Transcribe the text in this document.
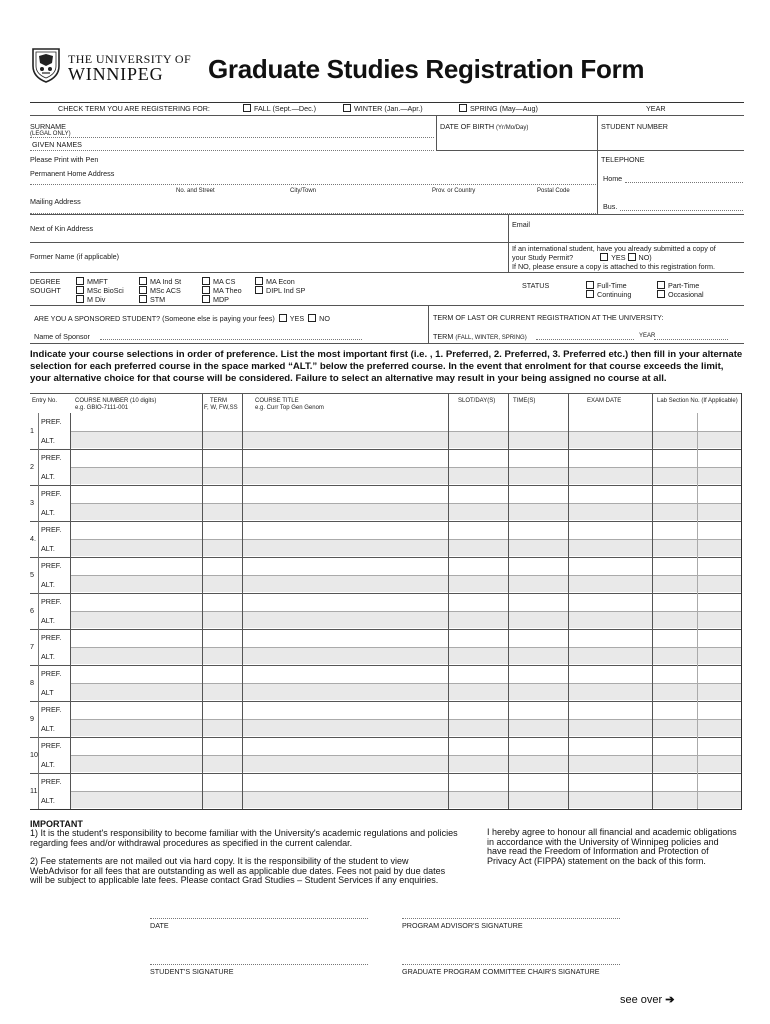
THE UNIVERSITY OF
WINNIPEG Graduate Studies Registration Form
CHECK TERM YOU ARE REGISTERING FOR:	FALL (Sept.—Dec.)	WINTER (Jan.—Apr.)	SPRING (May—Aug)	YEAR
SURNAME
(LEGAL ONLY)
GIVEN NAMES
DATE OF BIRTH (Yr/Mo/Day)	STUDENT NUMBER
Please Print with Pen
Permanent Home Address
No. and Street	City/Town	Prov. or Country	Postal Code
Mailing Address
TELEPHONE
Home
Bus.
Email
Next of Kin Address
Former Name (if applicable)
If an international student, have you already submitted a copy of
your Study Permit?	YES NO)
If NO, please ensure a copy is attached to this registration form.
DEGREE
SOUGHT
MMFT
MSc BioSci
M Div
MA Ind St
MSc ACS
STM
MA CS
MA Theo
MDP
MA Econ
DIPL Ind SP
STATUS	Full-Time
Continuing
Part-Time
Occasional
ARE YOU A SPONSORED STUDENT? (Someone else is paying your fees) YES NO
Name of Sponsor
TERM OF LAST OR CURRENT REGISTRATION AT THE UNIVERSITY:
TERM (FALL, WINTER, SPRING)	YEAR
Indicate your course selections in order of preference. List the most important first (i.e. , 1. Preferred, 2. Preferred, 3. Preferred etc.) then fill in your alternate selection for each preferred course in the space marked “ALT.” below the preferred course. In the event that enrolment for that course exceeds the limit, your alternative choice for that course will be considered. Failure to select an alternative may result in your being assigned no course at all.
Entry No.	COURSE NUMBER (10 digits)
e.g. GBIO-7111-001
TERM
F, W, FW,SS
COURSE TITLE
e.g. Curr Top Gen Genom
SLOT/DAY(S)	TIME(S)	EXAM DATE	Lab Section No. (If Applicable)
1
PREF.
ALT.
2
PREF.
ALT.
3
PREF.
ALT.
4.
PREF.
ALT.
5
PREF.
ALT.
6
PREF.
ALT.
7
PREF.
ALT.
8
PREF.
ALT
9
PREF.
ALT.
10
PREF.
ALT.
11
PREF.
ALT.
IMPORTANT
1) It is the student's responsibility to become familiar with the University's academic regulations and policies regarding fees and/or withdrawal procedures as specified in the current calendar.
2) Fee statements are not mailed out via hard copy. It is the responsibility of the student to view WebAdvisor for all fees that are outstanding as well as applicable due dates. Fees not paid by due dates will be subject to applicable late fees. Please contact Grad Studies – Student Services if any enquiries.
I hereby agree to honour all financial and academic obligations in accordance with the University of Winnipeg policies and have read the Freedom of Information and Protection of Privacy Act (FIPPA) statement on the back of this form.
DATE	PROGRAM ADVISOR'S SIGNATURE
STUDENT'S SIGNATURE	GRADUATE PROGRAM COMMITTEE CHAIR'S SIGNATURE
see over ➔
